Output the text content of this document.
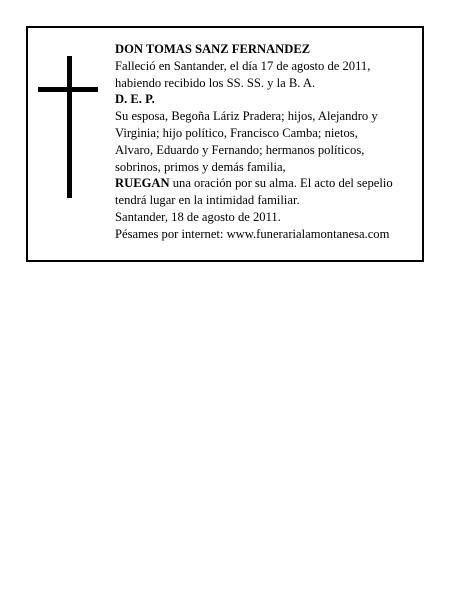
DON TOMAS SANZ FERNANDEZ
Falleció en Santander, el día 17 de agosto de 2011,
habiendo recibido los SS. SS. y la B. A.
D. E. P.
Su esposa, Begoña Láriz Pradera; hijos, Alejandro y
Virginia; hijo político, Francisco Camba; nietos,
Alvaro, Eduardo y Fernando; hermanos políticos,
sobrinos, primos y demás familia,
RUEGAN una oración por su alma. El acto del sepelio
tendrá lugar en la intimidad familiar.
Santander, 18 de agosto de 2011.
Pésames por internet: www.funerarialamontanesa.com
